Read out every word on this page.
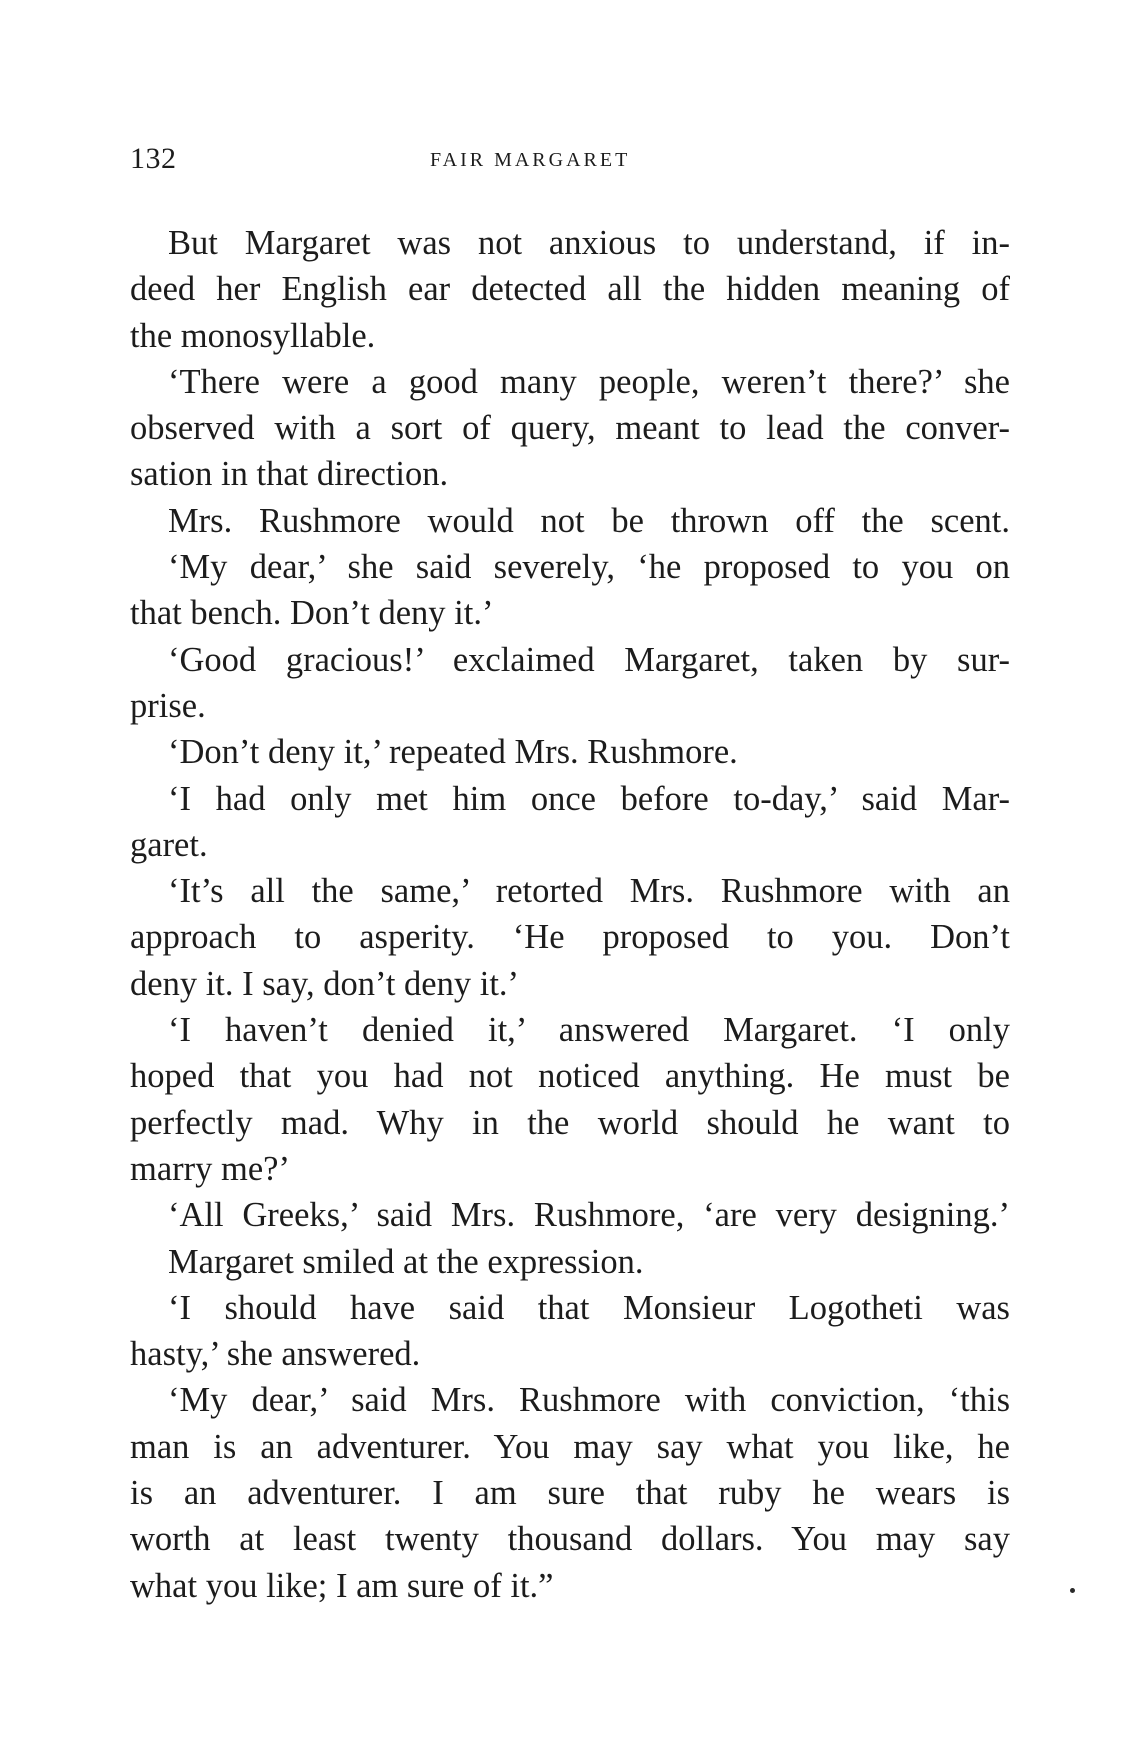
132	FAIR MARGARET
But Margaret was not anxious to understand, if in-
deed her English ear detected all the hidden meaning of
the monosyllable.
‘There were a good many people, weren’t there?’ she
observed with a sort of query, meant to lead the conver-
sation in that direction.
Mrs. Rushmore would not be thrown off the scent.
‘My dear,’ she said severely, ‘he proposed to you on
that bench. Don’t deny it.’
‘Good gracious!’ exclaimed Margaret, taken by sur-
prise.
‘Don’t deny it,’ repeated Mrs. Rushmore.
‘I had only met him once before to-day,’ said Mar-
garet.
‘It’s all the same,’ retorted Mrs. Rushmore with an
approach to asperity. ‘He proposed to you. Don’t
deny it. I say, don’t deny it.’
‘I haven’t denied it,’ answered Margaret. ‘I only
hoped that you had not noticed anything. He must be
perfectly mad. Why in the world should he want to
marry me?’
‘All Greeks,’ said Mrs. Rushmore, ‘are very designing.’
Margaret smiled at the expression.
‘I should have said that Monsieur Logotheti was
hasty,’ she answered.
‘My dear,’ said Mrs. Rushmore with conviction, ‘this
man is an adventurer. You may say what you like, he
is an adventurer. I am sure that ruby he wears is
worth at least twenty thousand dollars. You may say
what you like; I am sure of it.”
